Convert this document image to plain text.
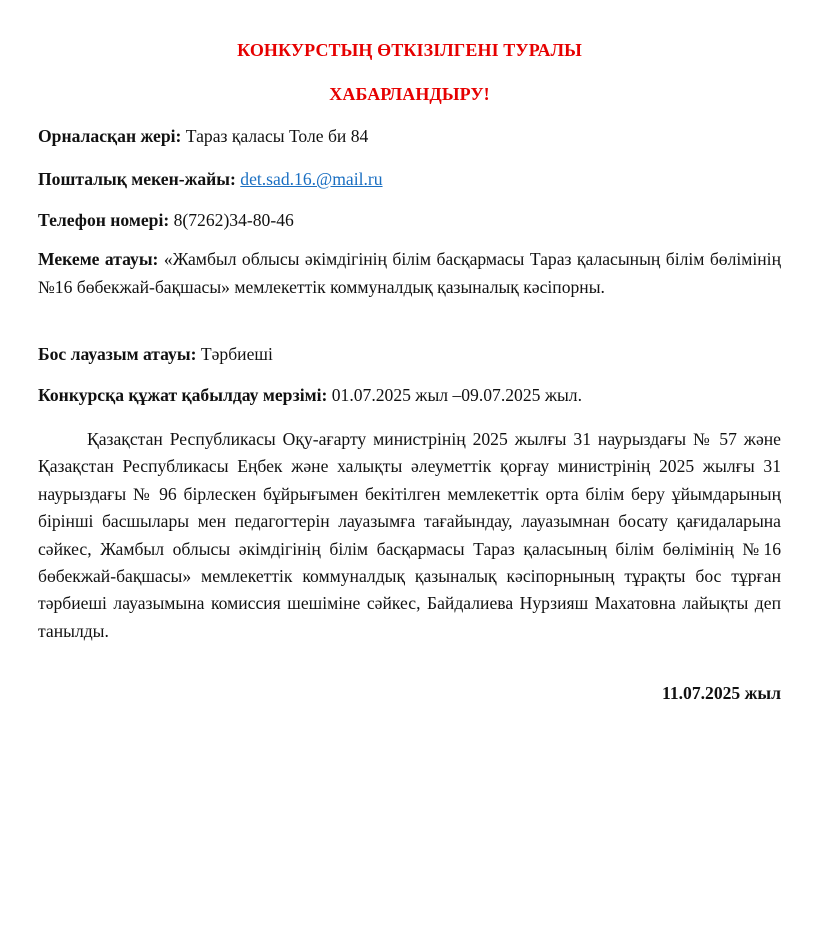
КОНКУРСТЫҢ ӨТКІЗІЛГЕНІ ТУРАЛЫ
ХАБАРЛАНДЫРУ!
Орналасқан жері: Тараз қаласы Толе би 84
Пошталық мекен-жайы: det.sad.16.@mail.ru
Телефон номері: 8(7262)34-80-46
Мекеме атауы: «Жамбыл облысы әкімдігінің білім басқармасы Тараз қаласының білім бөлімінің №16 бөбекжай-бақшасы» мемлекеттік коммуналдық қазыналық кәсіпорны.
Бос лауазым атауы: Тәрбиеші
Конкурсқа құжат қабылдау мерзімі: 01.07.2025 жыл –09.07.2025 жыл.
Қазақстан Республикасы Оқу-ағарту министрінің 2025 жылғы 31 наурыздағы № 57 және Қазақстан Республикасы Еңбек және халықты әлеуметтік қорғау министрінің 2025 жылғы 31 наурыздағы № 96 бірлескен бұйрығымен бекітілген мемлекеттік орта білім беру ұйымдарының бірінші басшылары мен педагогтерін лауазымға тағайындау, лауазымнан босату қағидаларына сәйкес, Жамбыл облысы әкімдігінің білім басқармасы Тараз қаласының білім бөлімінің №16 бөбекжай-бақшасы» мемлекеттік коммуналдық қазыналық кәсіпорнының тұрақты бос тұрған тәрбиеші лауазымына комиссия шешіміне сәйкес, Байдалиева Нурзияш Махатовна лайықты деп танылды.
11.07.2025 жыл
